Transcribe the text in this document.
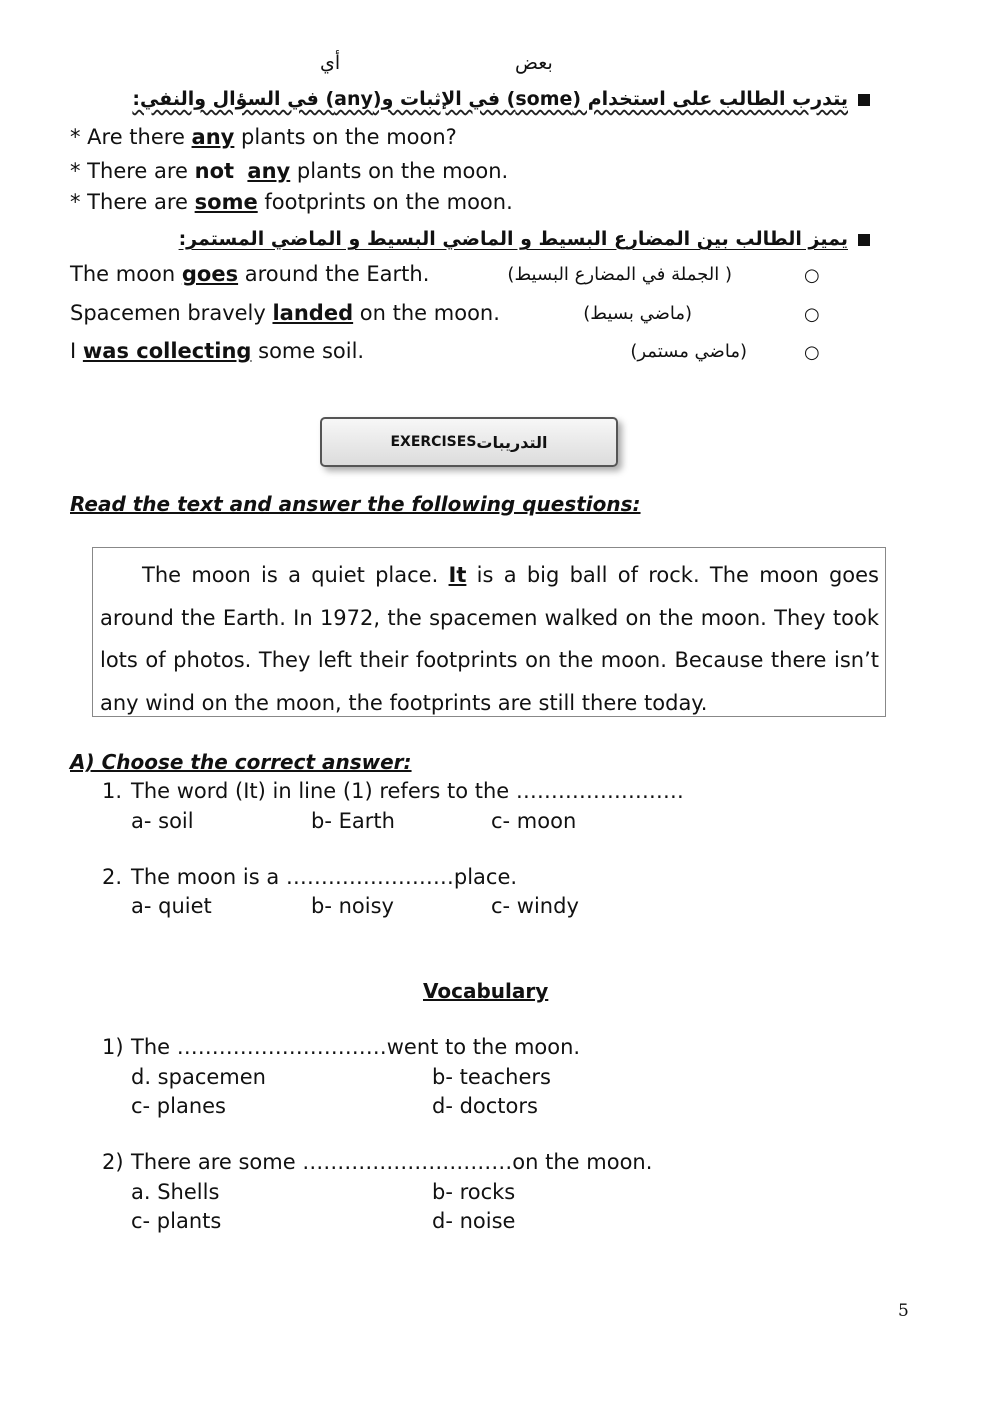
أي	بعض
يتدرب الطالب على استخدام (some) في الإثبات و(any) في السؤال والنفي:
* Are there any plants on the moon?
* There are not any plants on the moon.
* There are some footprints on the moon.
يميز الطالب بين المضارع البسيط و الماضي البسيط و الماضي المستمر:
The moon goes around the Earth.	( الجملة في المضارع البسيط)	○
Spacemen bravely landed on the moon.	(ماضي بسيط)	○
I was collecting some soil.	(ماضي مستمر)	○
EXERCISES التدريبات
Read the text and answer the following questions:

The moon is a quiet place. It is a big ball of rock. The moon goes around the Earth. In 1972, the spacemen walked on the moon. They took lots of photos. They left their footprints on the moon. Because there isn’t any wind on the moon, the footprints are still there today.

A) Choose the correct answer:
1. The word (It) in line (1) refers to the ……………………
a- soil	b- Earth	c- moon
2. The moon is a ……………………place.
a- quiet	b- noisy	c- windy
Vocabulary
1) The …………………………went to the moon.
d. spacemen	b- teachers
c- planes	d- doctors
2) There are some …………………………on the moon.
a. Shells	b- rocks
c- plants	d- noise
5
